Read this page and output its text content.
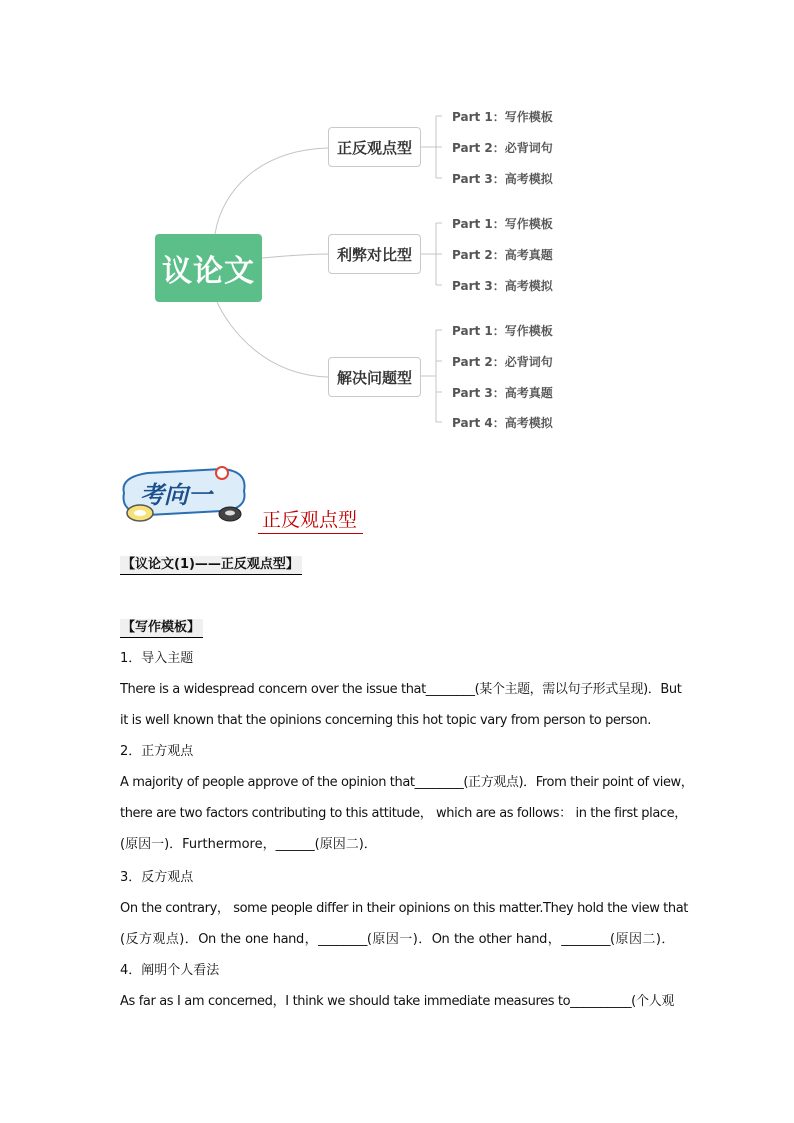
议论文
正反观点型
利弊对比型
解决问题型
Part 1：写作模板
Part 2：必背词句
Part 3：高考模拟
Part 1：写作模板
Part 2：高考真题
Part 3：高考模拟
Part 1：写作模板
Part 2：必背词句
Part 3：高考真题
Part 4：高考模拟
考向一
正反观点型
【议论文(1)——正反观点型】
【写作模板】
1．导入主题
There is a widespread concern over the issue that________(某个主题，需以句子形式呈现)．But
it is well known that the opinions concerning this hot topic vary from person to person.
2．正方观点
A majority of people approve of the opinion that________(正方观点)．From their point of view，
there are two factors contributing to this attitude， which are as follows： in the first place，
(原因一)．Furthermore，______(原因二)．
3．反方观点
On the contrary， some people differ in their opinions on this matter.They hold the view that
(反方观点)．On the one hand，________(原因一)．On the other hand，________(原因二)．
4．阐明个人看法
As far as I am concerned，I think we should take immediate measures to__________(个人观
